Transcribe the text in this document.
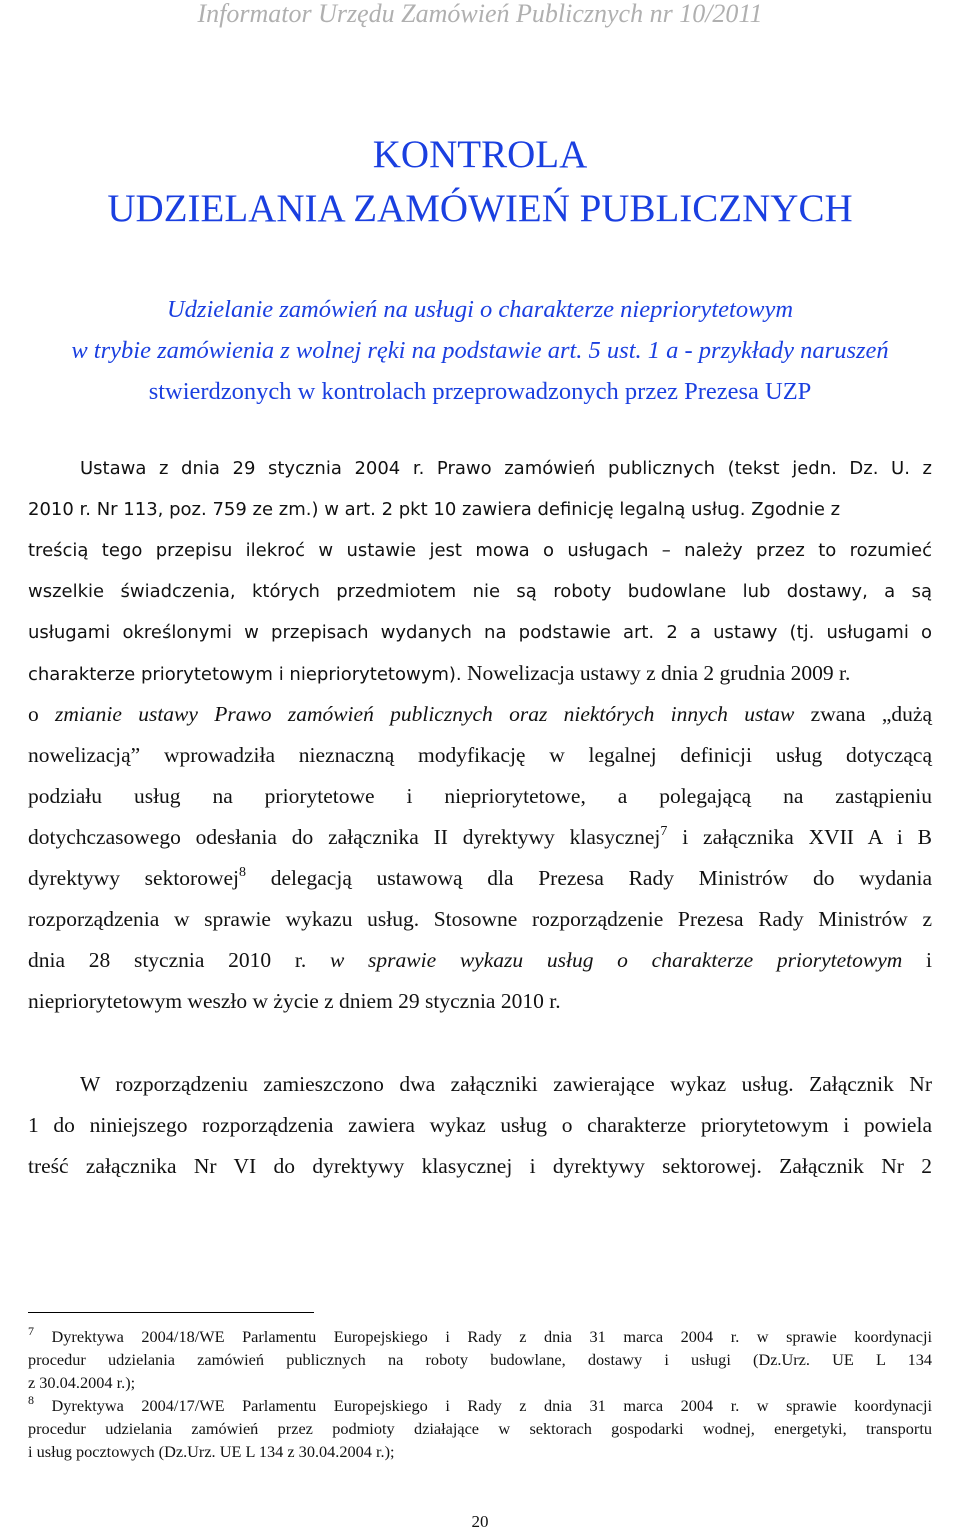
Informator Urzędu Zamówień Publicznych nr 10/2011
KONTROLA
UDZIELANIA ZAMÓWIEŃ PUBLICZNYCH
Udzielanie zamówień na usługi o charakterze niepriorytetowym
w trybie zamówienia z wolnej ręki na podstawie art. 5 ust. 1 a - przykłady naruszeń
stwierdzonych w kontrolach przeprowadzonych przez Prezesa UZP
Ustawa z dnia 29 stycznia 2004 r. Prawo zamówień publicznych (tekst jedn. Dz. U. z
2010 r. Nr 113, poz. 759 ze zm.) w art. 2 pkt 10 zawiera definicję legalną usług. Zgodnie z
treścią tego przepisu ilekroć w ustawie jest mowa o usługach – należy przez to rozumieć
wszelkie świadczenia, których przedmiotem nie są roboty budowlane lub dostawy, a są
usługami określonymi w przepisach wydanych na podstawie art. 2 a ustawy (tj. usługami o
charakterze priorytetowym i niepriorytetowym). Nowelizacja ustawy z dnia 2 grudnia 2009 r.
o zmianie ustawy Prawo zamówień publicznych oraz niektórych innych ustaw zwana „dużą
nowelizacją” wprowadziła nieznaczną modyfikację w legalnej definicji usług dotyczącą
podziału usług na priorytetowe i niepriorytetowe, a polegającą na zastąpieniu
dotychczasowego odesłania do załącznika II dyrektywy klasycznej$^7$ i załącznika XVII A i B
dyrektywy sektorowej$^8$ delegacją ustawową dla Prezesa Rady Ministrów do wydania
rozporządzenia w sprawie wykazu usług. Stosowne rozporządzenie Prezesa Rady Ministrów z
dnia 28 stycznia 2010 r. w sprawie wykazu usług o charakterze priorytetowym i
niepriorytetowym weszło w życie z dniem 29 stycznia 2010 r.
W rozporządzeniu zamieszczono dwa załączniki zawierające wykaz usług. Załącznik Nr
1 do niniejszego rozporządzenia zawiera wykaz usług o charakterze priorytetowym i powiela
treść załącznika Nr VI do dyrektywy klasycznej i dyrektywy sektorowej. Załącznik Nr 2
$^7$ Dyrektywa 2004/18/WE Parlamentu Europejskiego i Rady z dnia 31 marca 2004 r. w sprawie koordynacji
procedur udzielania zamówień publicznych na roboty budowlane, dostawy i usługi (Dz.Urz. UE L 134
z 30.04.2004 r.);
$^8$ Dyrektywa 2004/17/WE Parlamentu Europejskiego i Rady z dnia 31 marca 2004 r. w sprawie koordynacji
procedur udzielania zamówień przez podmioty działające w sektorach gospodarki wodnej, energetyki, transportu
i usług pocztowych (Dz.Urz. UE L 134 z 30.04.2004 r.);
20
